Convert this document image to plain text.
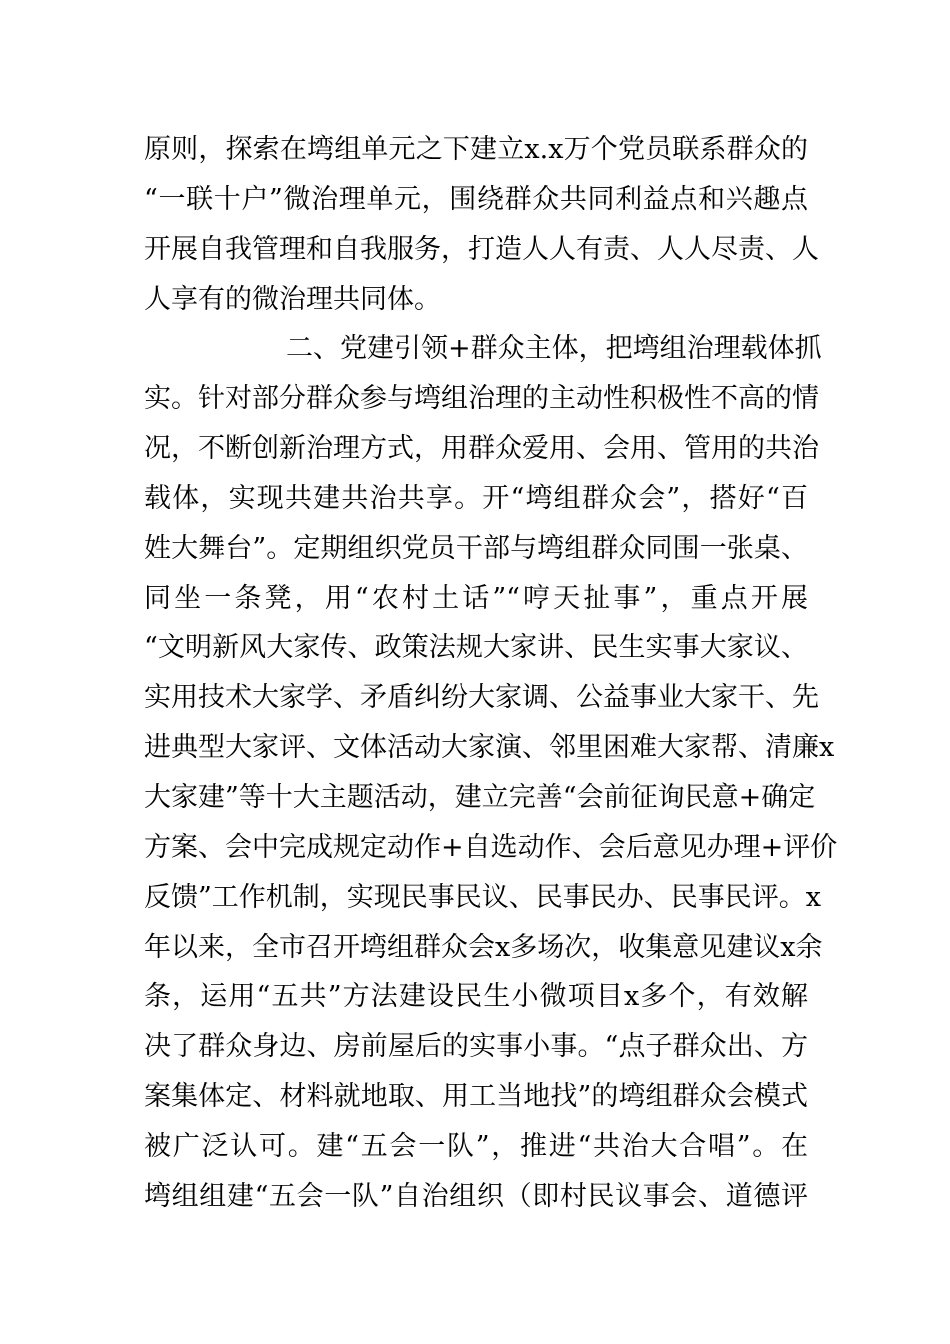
原则，探索在塆组单元之下建立x.x万个党员联系群众的
“一联十户”微治理单元，围绕群众共同利益点和兴趣点
开展自我管理和自我服务，打造人人有责、人人尽责、人
人享有的微治理共同体。
二、党建引领+群众主体，把塆组治理载体抓
实。针对部分群众参与塆组治理的主动性积极性不高的情
况，不断创新治理方式，用群众爱用、会用、管用的共治
载体，实现共建共治共享。开“塆组群众会”，搭好“百
姓大舞台”。定期组织党员干部与塆组群众同围一张桌、
同坐一条凳，用“农村土话”“哼天扯事”，重点开展
“文明新风大家传、政策法规大家讲、民生实事大家议、
实用技术大家学、矛盾纠纷大家调、公益事业大家干、先
进典型大家评、文体活动大家演、邻里困难大家帮、清廉x
大家建”等十大主题活动，建立完善“会前征询民意+确定
方案、会中完成规定动作+自选动作、会后意见办理+评价
反馈”工作机制，实现民事民议、民事民办、民事民评。x
年以来，全市召开塆组群众会x多场次，收集意见建议x余
条，运用“五共”方法建设民生小微项目x多个，有效解
决了群众身边、房前屋后的实事小事。“点子群众出、方
案集体定、材料就地取、用工当地找”的塆组群众会模式
被广泛认可。建“五会一队”，推进“共治大合唱”。在
塆组组建“五会一队”自治组织（即村民议事会、道德评
